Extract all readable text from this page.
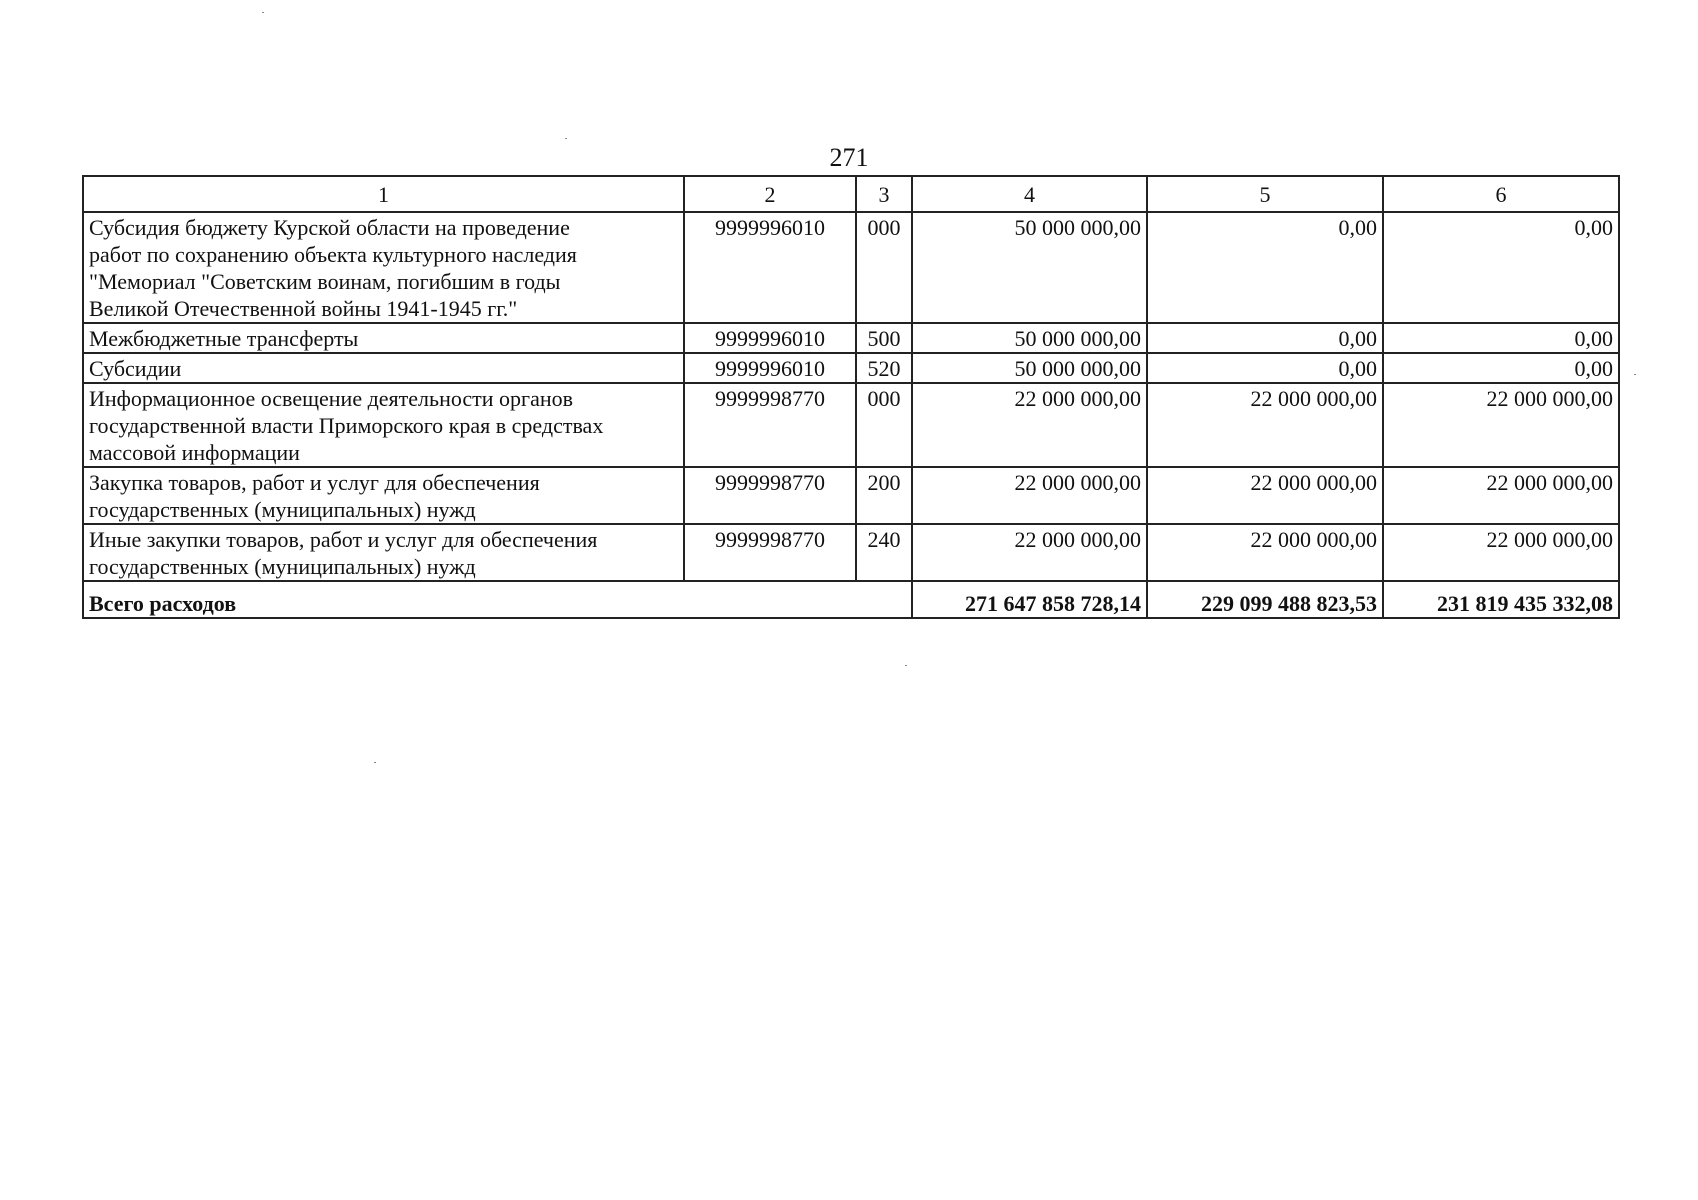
271
1	2	3	4	5	6

Субсидия бюджету Курской области на проведение
работ по сохранению объекта культурного наследия
"Мемориал "Советским воинам, погибшим в годы
Великой Отечественной войны 1941-1945 гг."	9999996010	000	50 000 000,00	0,00	0,00

Межбюджетные трансферты	9999996010	500	50 000 000,00	0,00	0,00

Субсидии	9999996010	520	50 000 000,00	0,00	0,00

Информационное освещение деятельности органов
государственной власти Приморского края в средствах
массовой информации	9999998770	000	22 000 000,00	22 000 000,00	22 000 000,00

Закупка товаров, работ и услуг для обеспечения
государственных (муниципальных) нужд	9999998770	200	22 000 000,00	22 000 000,00	22 000 000,00

Иные закупки товаров, работ и услуг для обеспечения
государственных (муниципальных) нужд	9999998770	240	22 000 000,00	22 000 000,00	22 000 000,00
Всего расходов			271 647 858 728,14	229 099 488 823,53	231 819 435 332,08
